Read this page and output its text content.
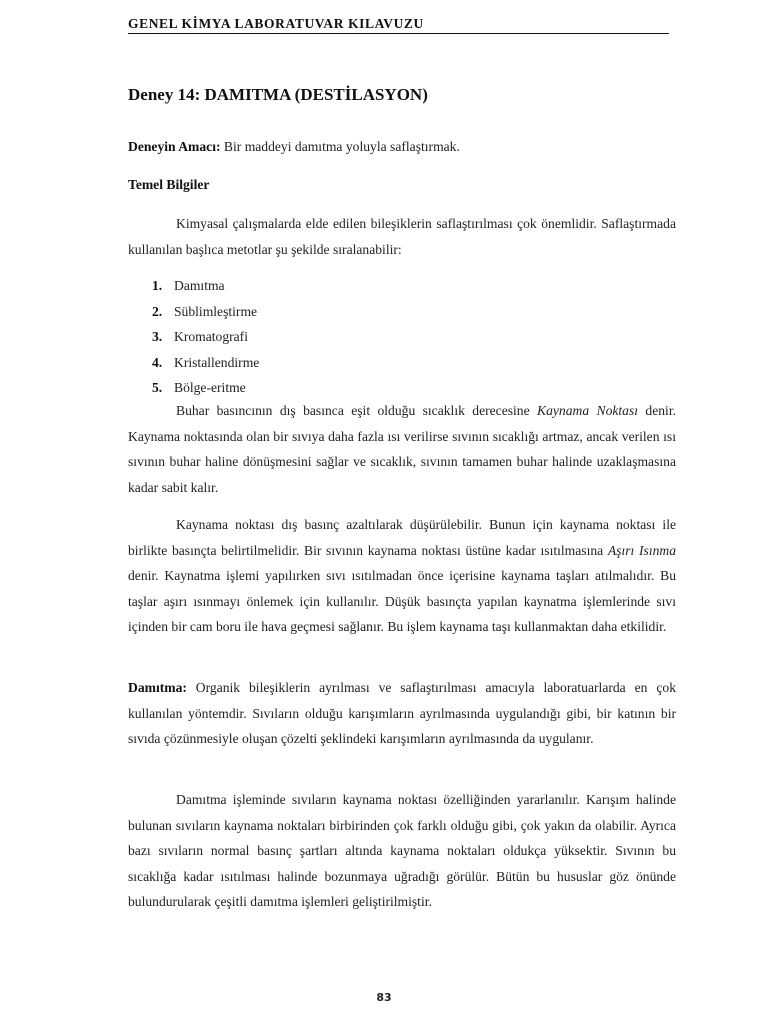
GENEL KİMYA LABORATUVAR KILAVUZU
Deney 14: DAMITMA (DESTİLASYON)
Deneyin Amacı: Bir maddeyi damıtma yoluyla saflaştırmak.
Temel Bilgiler

Kimyasal çalışmalarda elde edilen bileşiklerin saflaştırılması çok önemlidir. Saflaştırmada kullanılan başlıca metotlar şu şekilde sıralanabilir:

1. Damıtma
2. Süblimleştirme
3. Kromatografi
4. Kristallendirme
5. Bölge-eritme

Buhar basıncının dış basınca eşit olduğu sıcaklık derecesine Kaynama Noktası denir. Kaynama noktasında olan bir sıvıya daha fazla ısı verilirse sıvının sıcaklığı artmaz, ancak verilen ısı sıvının buhar haline dönüşmesini sağlar ve sıcaklık, sıvının tamamen buhar halinde uzaklaşmasına kadar sabit kalır.

Kaynama noktası dış basınç azaltılarak düşürülebilir. Bunun için kaynama noktası ile birlikte basınçta belirtilmelidir. Bir sıvının kaynama noktası üstüne kadar ısıtılmasına Aşırı Isınma denir. Kaynatma işlemi yapılırken sıvı ısıtılmadan önce içerisine kaynama taşları atılmalıdır. Bu taşlar aşırı ısınmayı önlemek için kullanılır. Düşük basınçta yapılan kaynatma işlemlerinde sıvı içinden bir cam boru ile hava geçmesi sağlanır. Bu işlem kaynama taşı kullanmaktan daha etkilidir.

Damıtma: Organik bileşiklerin ayrılması ve saflaştırılması amacıyla laboratuarlarda en çok kullanılan yöntemdir. Sıvıların olduğu karışımların ayrılmasında uygulandığı gibi, bir katının bir sıvıda çözünmesiyle oluşan çözelti şeklindeki karışımların ayrılmasında da uygulanır.

Damıtma işleminde sıvıların kaynama noktası özelliğinden yararlanılır. Karışım halinde bulunan sıvıların kaynama noktaları birbirinden çok farklı olduğu gibi, çok yakın da olabilir. Ayrıca bazı sıvıların normal basınç şartları altında kaynama noktaları oldukça yüksektir. Sıvının bu sıcaklığa kadar ısıtılması halinde bozunmaya uğradığı görülür. Bütün bu hususlar göz önünde bulundurularak çeşitli damıtma işlemleri geliştirilmiştir.

83
